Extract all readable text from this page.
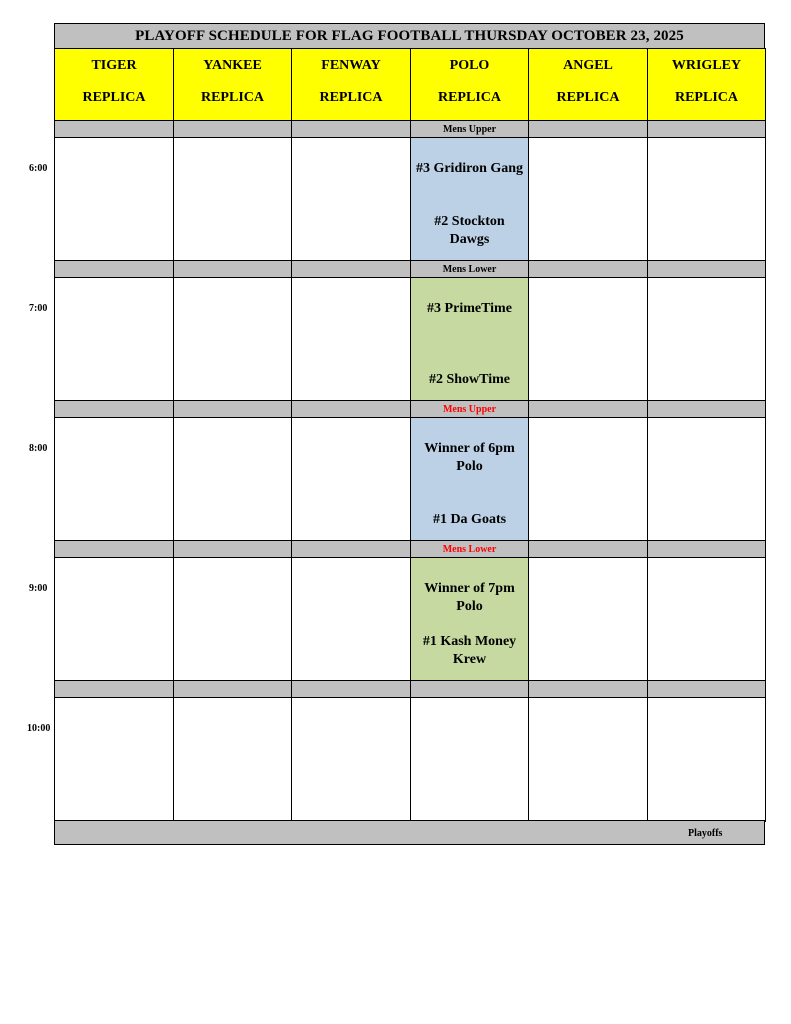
PLAYOFF SCHEDULE FOR FLAG FOOTBALL THURSDAY OCTOBER 23, 2025
TIGER
REPLICA
YANKEE
REPLICA
FENWAY
REPLICA
POLO
REPLICA
ANGEL
REPLICA
WRIGLEY
REPLICA
Mens Upper
#3 Gridiron Gang
#2 Stockton Dawgs
Mens Lower
#3 PrimeTime
#2 ShowTime
Mens Upper
Winner of 6pm Polo
#1 Da Goats
Mens Lower
Winner of 7pm Polo
#1 Kash Money Krew
Playoffs
6:00
7:00
8:00
9:00
10:00
